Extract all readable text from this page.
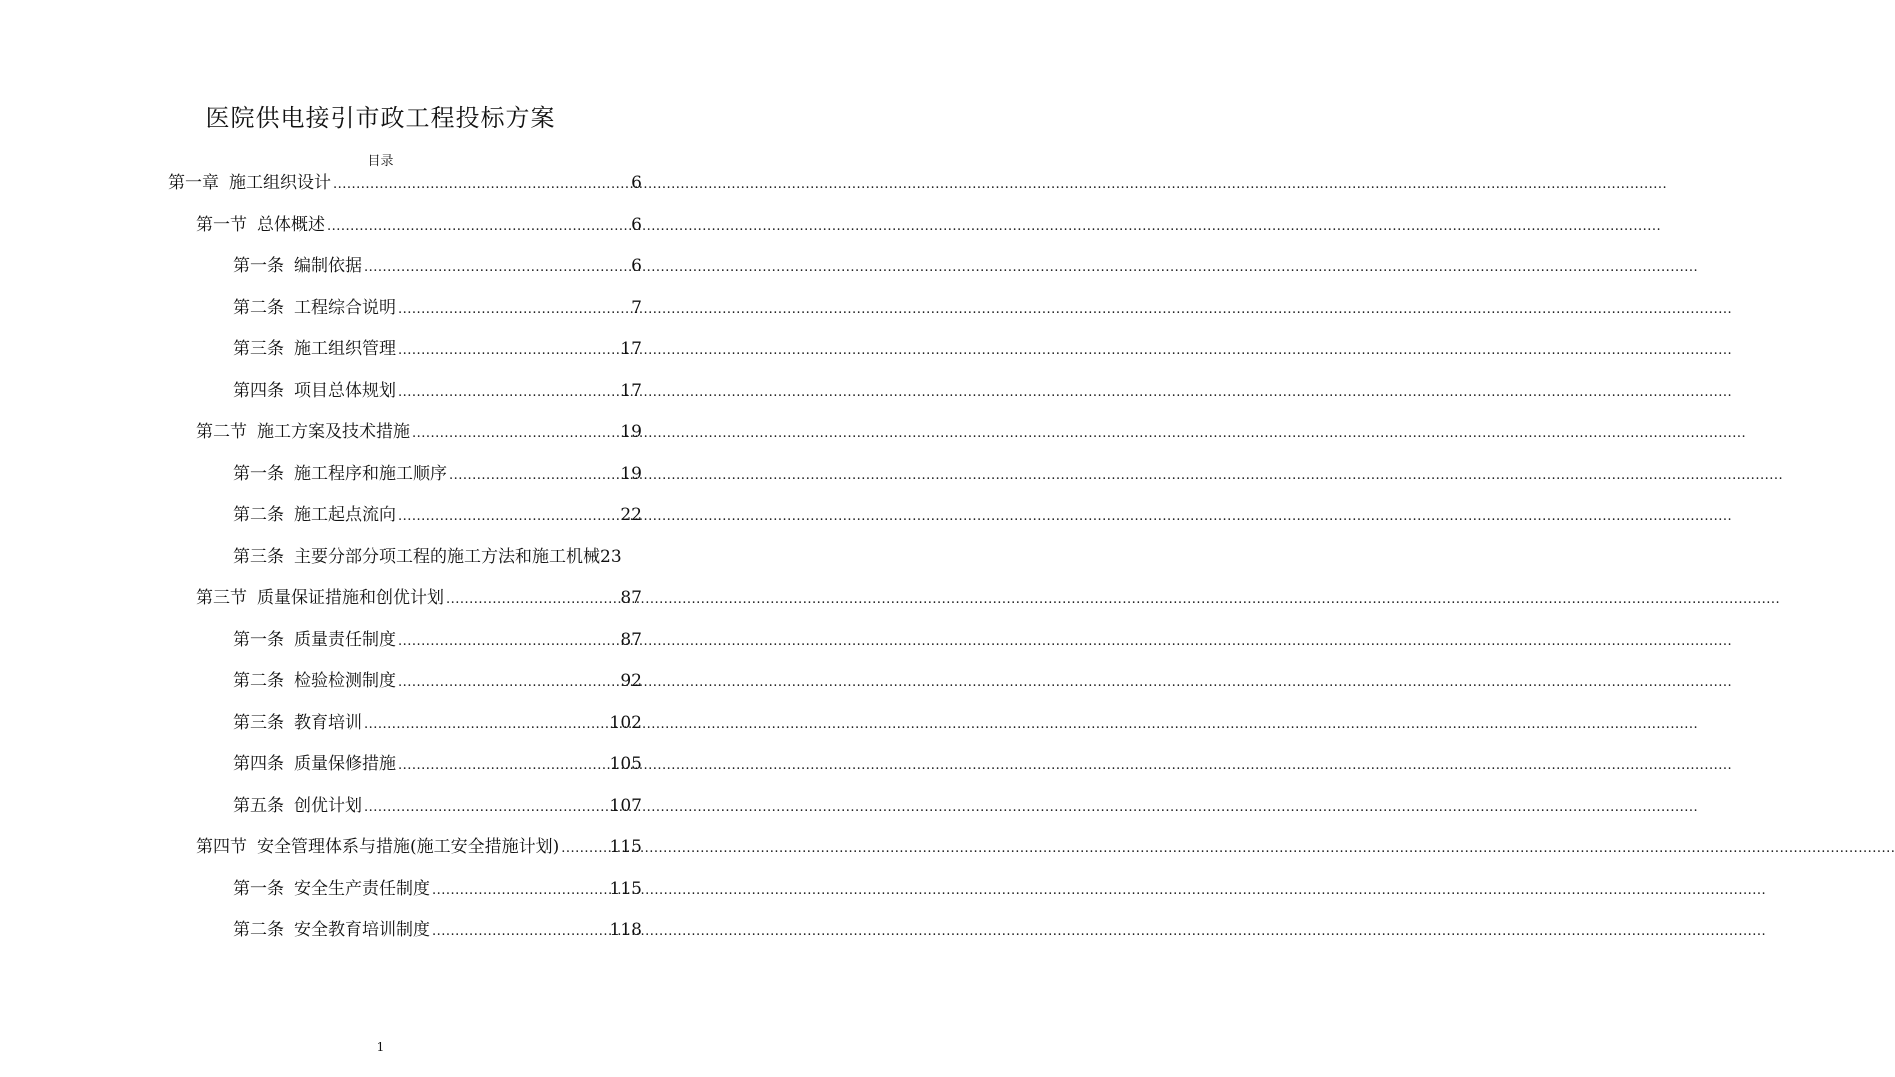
医院供电接引市政工程投标方案
目录
第一章 施工组织设计 .....	6
第一节 总体概述 .....	6
第一条 编制依据 .....	6
第二条 工程综合说明 .....	7
第三条 施工组织管理 .....	17
第四条 项目总体规划 .....	17
第二节 施工方案及技术措施 .....	19
第一条 施工程序和施工顺序 .....	19
第二条 施工起点流向 .....	22
第三条 主要分部分项工程的施工方法和施工机械 23
第三节 质量保证措施和创优计划 .....	87
第一条 质量责任制度 .....	87
第二条 检验检测制度 .....	92
第三条 教育培训 .....	102
第四条 质量保修措施 .....	105
第五条 创优计划 .....	107
第四节 安全管理体系与措施(施工安全措施计划) .....	115
第一条 安全生产责任制度 .....	115
第二条 安全教育培训制度 .....	118
1
